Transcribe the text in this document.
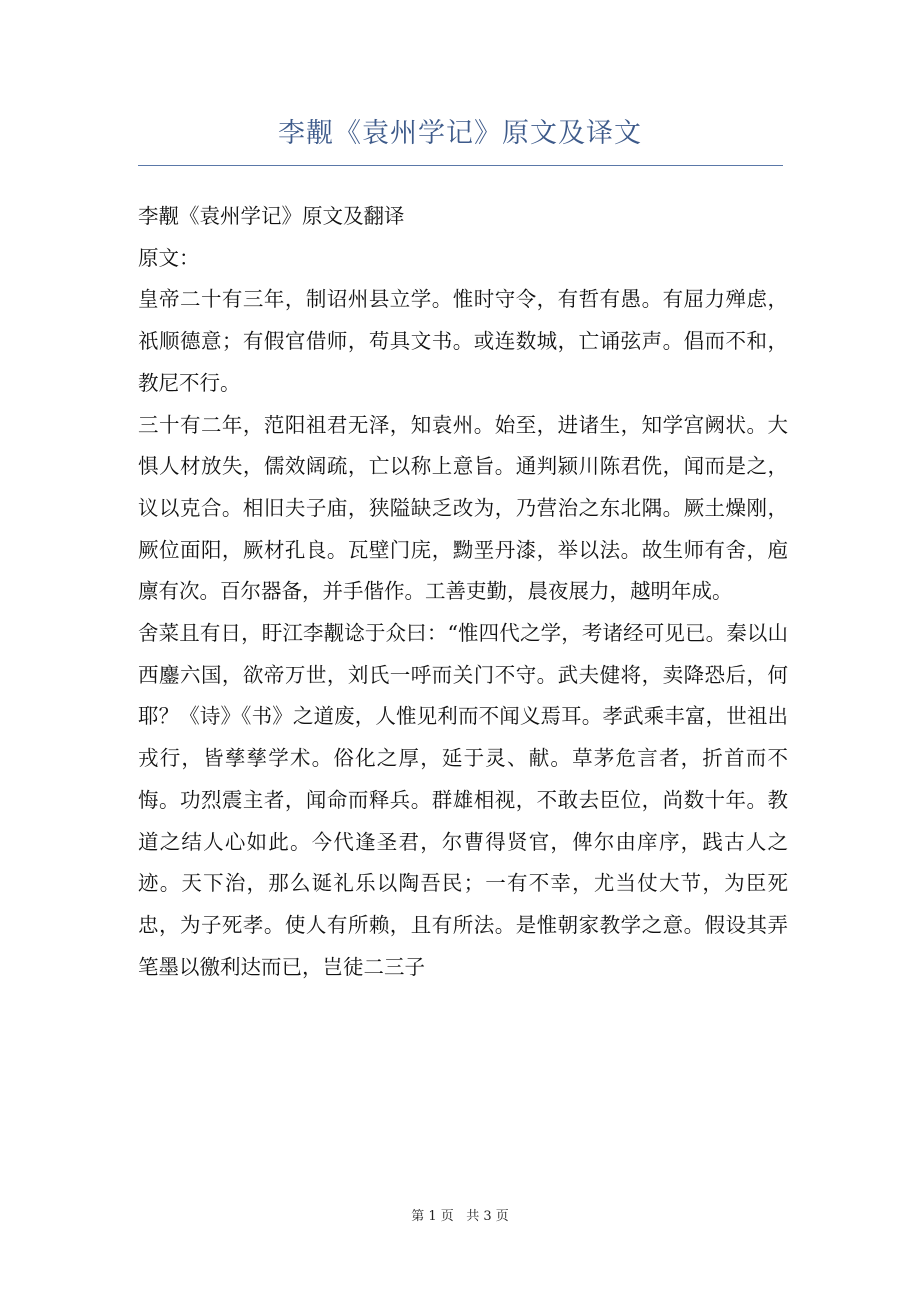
李觏《袁州学记》原文及译文

李觏《袁州学记》原文及翻译

原文：

皇帝二十有三年，制诏州县立学。惟时守令，有哲有愚。有屈力殚虑，祇顺德意；有假官借师，苟具文书。或连数城，亡诵弦声。倡而不和，教尼不行。

三十有二年，范阳祖君无泽，知袁州。始至，进诸生，知学宫阙状。大惧人材放失，儒效阔疏，亡以称上意旨。通判颍川陈君侁，闻而是之，议以克合。相旧夫子庙，狭隘缺乏改为，乃营治之东北隅。厥土燥刚，厥位面阳，厥材孔良。瓦壁门庑，黝垩丹漆，举以法。故生师有舍，庖廪有次。百尔器备，并手偕作。工善吏勤，晨夜展力，越明年成。

舍菜且有日，盱江李觏谂于众曰：“惟四代之学，考诸经可见已。秦以山西鏖六国，欲帝万世，刘氏一呼而关门不守。武夫健将，卖降恐后，何耶？《诗》《书》之道废，人惟见利而不闻义焉耳。孝武乘丰富，世祖出戎行，皆孳孳学术。俗化之厚，延于灵、献。草茅危言者，折首而不悔。功烈震主者，闻命而释兵。群雄相视，不敢去臣位，尚数十年。教道之结人心如此。今代逢圣君，尔曹得贤官，俾尔由庠序，践古人之迹。天下治，那么诞礼乐以陶吾民；一有不幸，尤当仗大节，为臣死忠，为子死孝。使人有所赖，且有所法。是惟朝家教学之意。假设其弄笔墨以徼利达而已，岂徒二三子

第 1 页   共 3 页
